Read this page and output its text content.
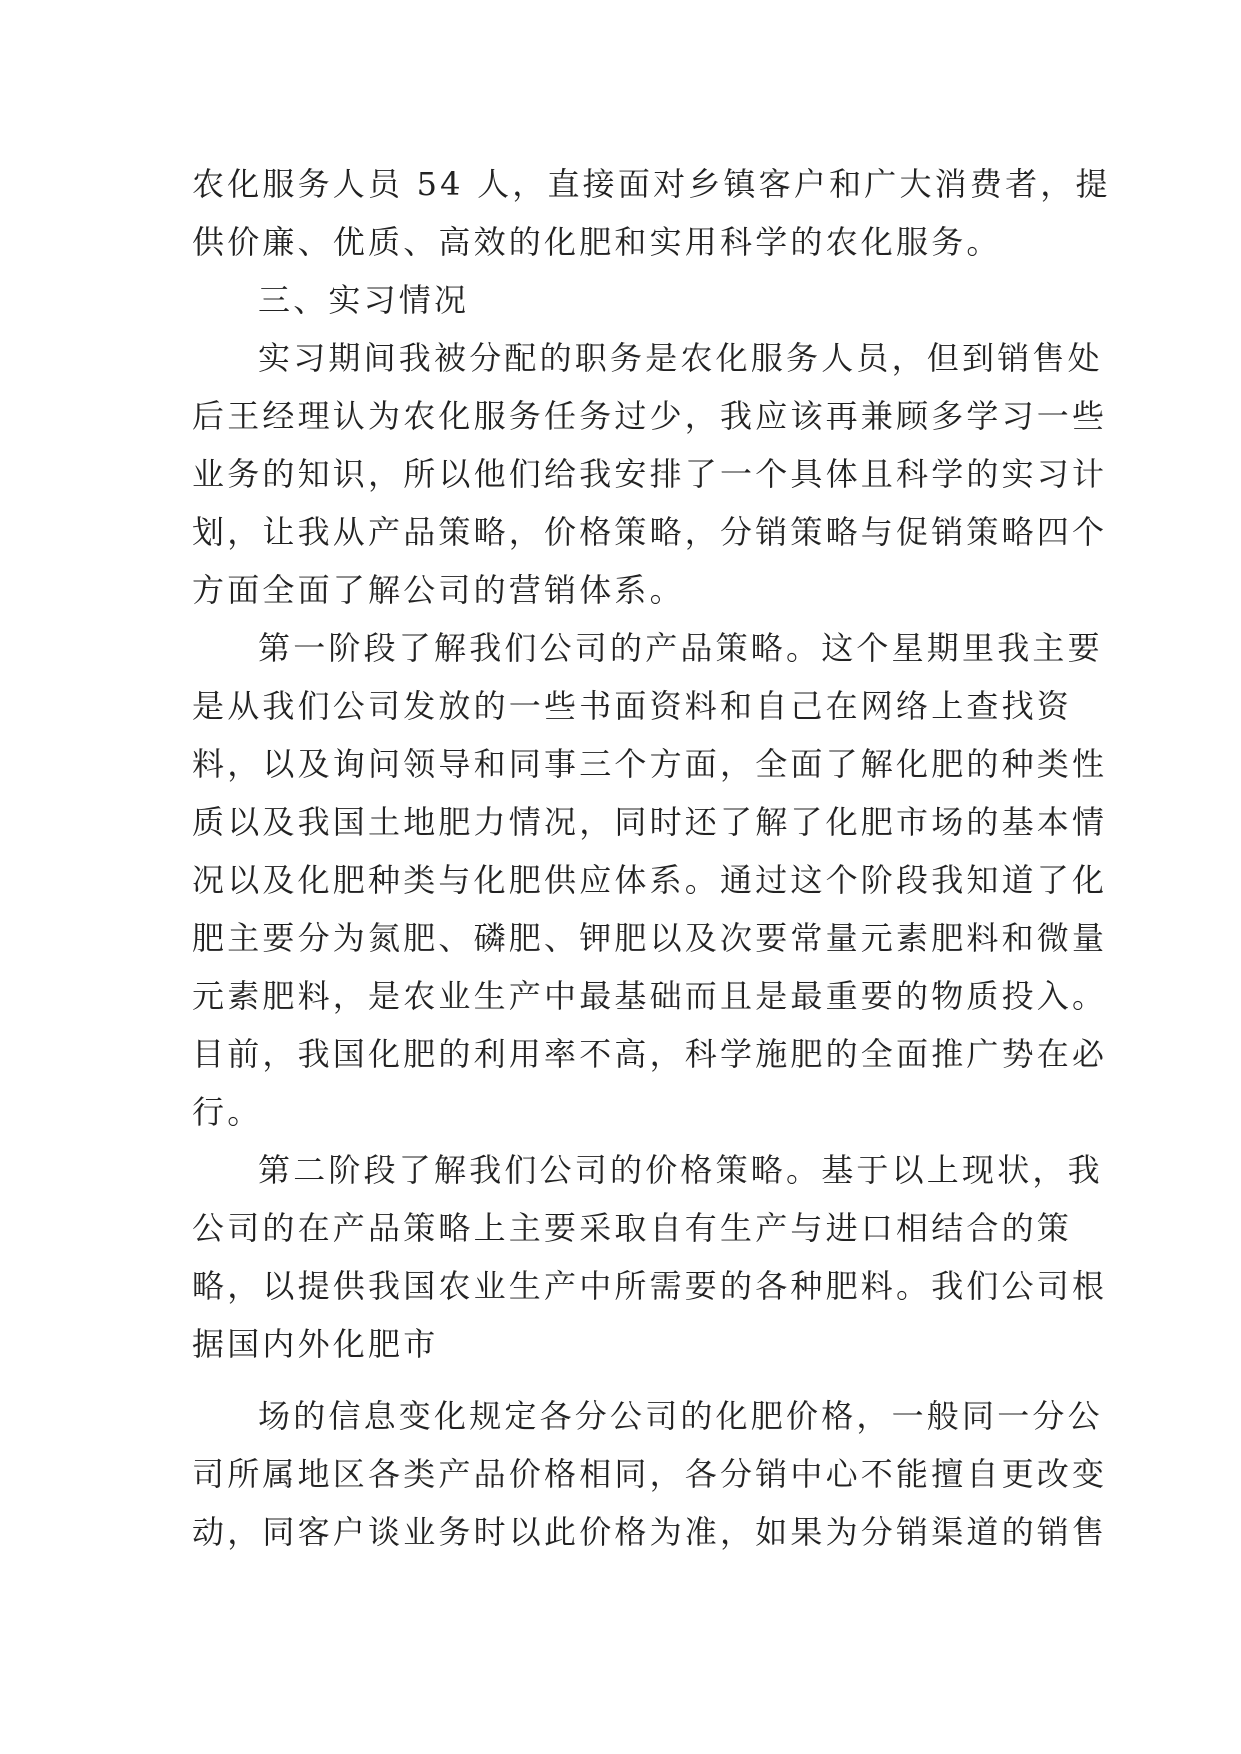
农化服务人员 54 人，直接面对乡镇客户和广大消费者，提
供价廉、优质、高效的化肥和实用科学的农化服务。
三、实习情况
实习期间我被分配的职务是农化服务人员，但到销售处
后王经理认为农化服务任务过少，我应该再兼顾多学习一些
业务的知识，所以他们给我安排了一个具体且科学的实习计
划，让我从产品策略，价格策略，分销策略与促销策略四个
方面全面了解公司的营销体系。
第一阶段了解我们公司的产品策略。这个星期里我主要
是从我们公司发放的一些书面资料和自己在网络上查找资
料，以及询问领导和同事三个方面，全面了解化肥的种类性
质以及我国土地肥力情况，同时还了解了化肥市场的基本情
况以及化肥种类与化肥供应体系。通过这个阶段我知道了化
肥主要分为氮肥、磷肥、钾肥以及次要常量元素肥料和微量
元素肥料，是农业生产中最基础而且是最重要的物质投入。
目前，我国化肥的利用率不高，科学施肥的全面推广势在必
行。
第二阶段了解我们公司的价格策略。基于以上现状，我
公司的在产品策略上主要采取自有生产与进口相结合的策
略，以提供我国农业生产中所需要的各种肥料。我们公司根
据国内外化肥市
场的信息变化规定各分公司的化肥价格，一般同一分公
司所属地区各类产品价格相同，各分销中心不能擅自更改变
动，同客户谈业务时以此价格为准，如果为分销渠道的销售
